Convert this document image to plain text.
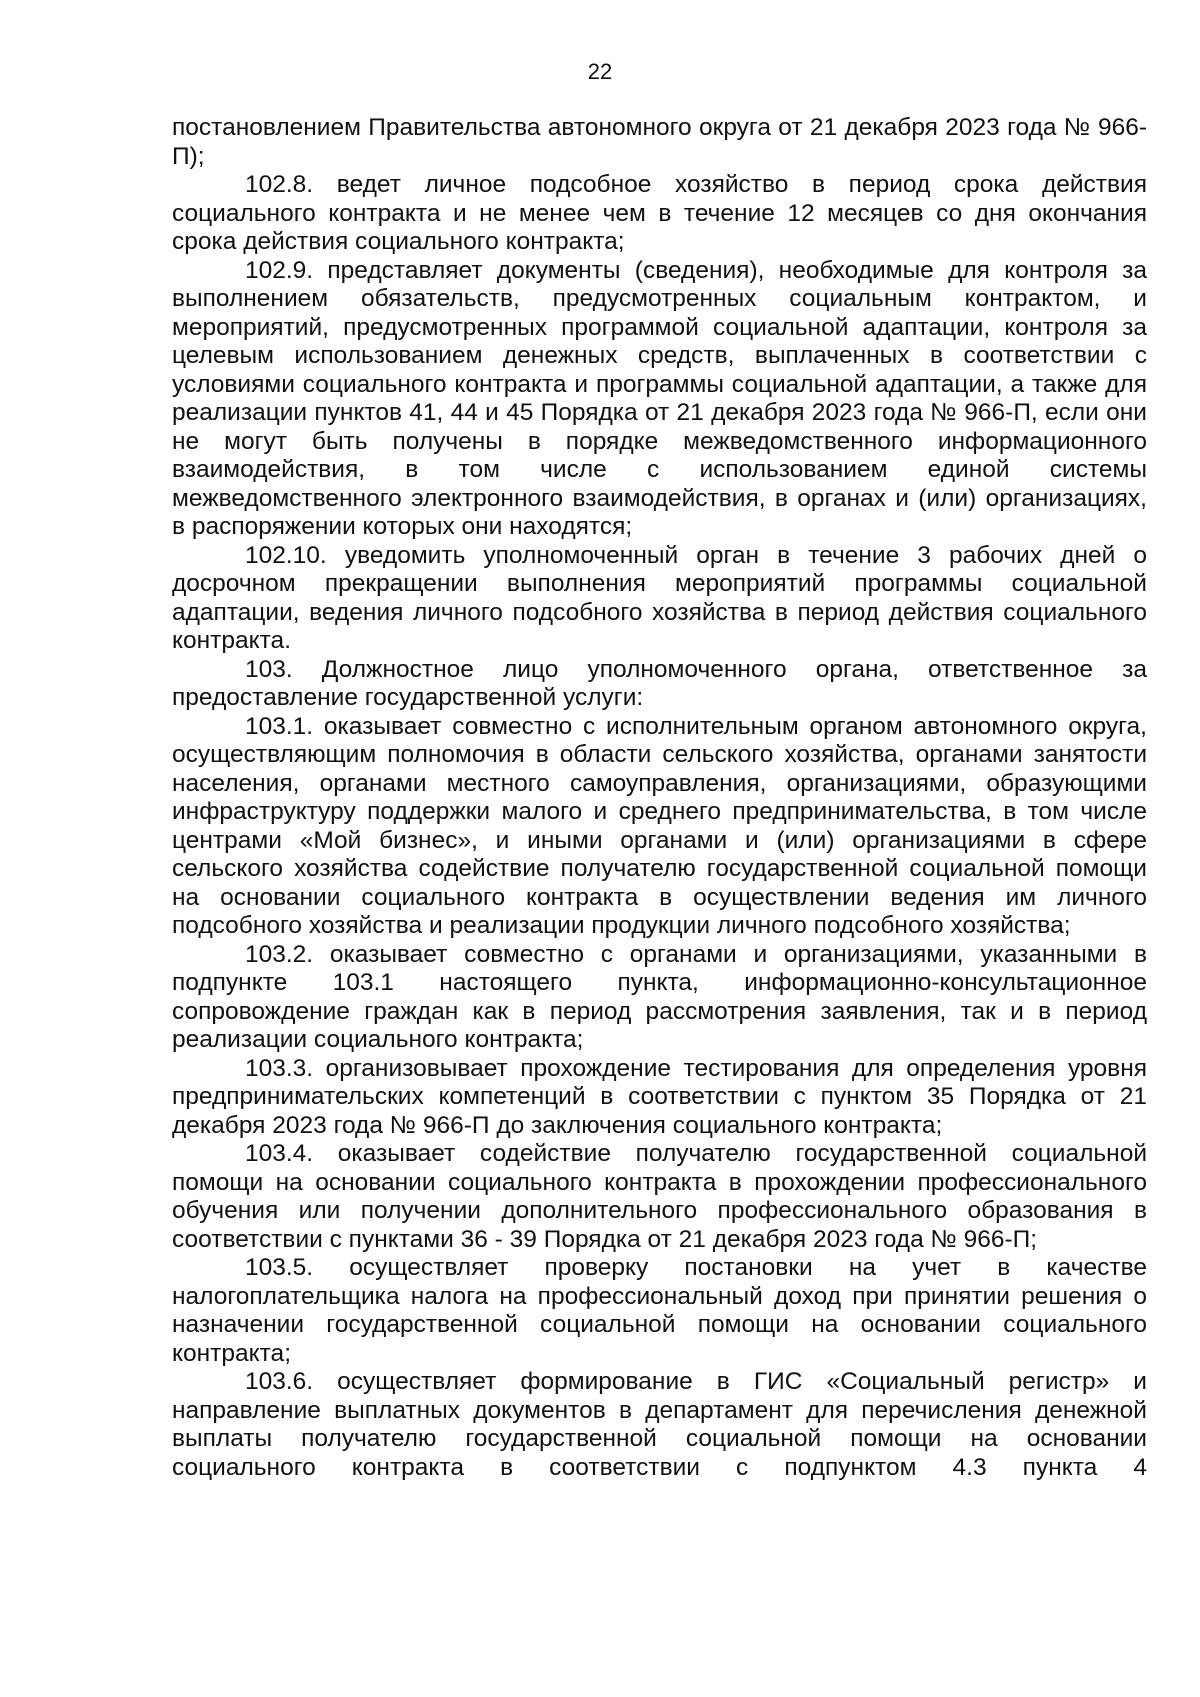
22

постановлением Правительства автономного округа от 21 декабря 2023 года № 966-П);

102.8. ведет личное подсобное хозяйство в период срока действия социального контракта и не менее чем в течение 12 месяцев со дня окончания срока действия социального контракта;

102.9. представляет документы (сведения), необходимые для контроля за выполнением обязательств, предусмотренных социальным контрактом, и мероприятий, предусмотренных программой социальной адаптации, контроля за целевым использованием денежных средств, выплаченных в соответствии с условиями социального контракта и программы социальной адаптации, а также для реализации пунктов 41, 44 и 45 Порядка от 21 декабря 2023 года № 966-П, если они не могут быть получены в порядке межведомственного информационного взаимодействия, в том числе с использованием единой системы межведомственного электронного взаимодействия, в органах и (или) организациях, в распоряжении которых они находятся;

102.10. уведомить уполномоченный орган в течение 3 рабочих дней о досрочном прекращении выполнения мероприятий программы социальной адаптации, ведения личного подсобного хозяйства в период действия социального контракта.

103. Должностное лицо уполномоченного органа, ответственное за предоставление государственной услуги:

103.1. оказывает совместно с исполнительным органом автономного округа, осуществляющим полномочия в области сельского хозяйства, органами занятости населения, органами местного самоуправления, организациями, образующими инфраструктуру поддержки малого и среднего предпринимательства, в том числе центрами «Мой бизнес», и иными органами и (или) организациями в сфере сельского хозяйства содействие получателю государственной социальной помощи на основании социального контракта в осуществлении ведения им личного подсобного хозяйства и реализации продукции личного подсобного хозяйства;

103.2. оказывает совместно с органами и организациями, указанными в подпункте 103.1 настоящего пункта, информационно-консультационное сопровождение граждан как в период рассмотрения заявления, так и в период реализации социального контракта;

103.3. организовывает прохождение тестирования для определения уровня предпринимательских компетенций в соответствии с пунктом 35 Порядка от 21 декабря 2023 года № 966-П до заключения социального контракта;

103.4. оказывает содействие получателю государственной социальной помощи на основании социального контракта в прохождении профессионального обучения или получении дополнительного профессионального образования в соответствии с пунктами 36 - 39 Порядка от 21 декабря 2023 года № 966-П;

103.5. осуществляет проверку постановки на учет в качестве налогоплательщика налога на профессиональный доход при принятии решения о назначении государственной социальной помощи на основании социального контракта;

103.6. осуществляет формирование в ГИС «Социальный регистр» и направление выплатных документов в департамент для перечисления денежной выплаты получателю государственной социальной помощи на основании социального контракта в соответствии с подпунктом 4.3 пункта 4
